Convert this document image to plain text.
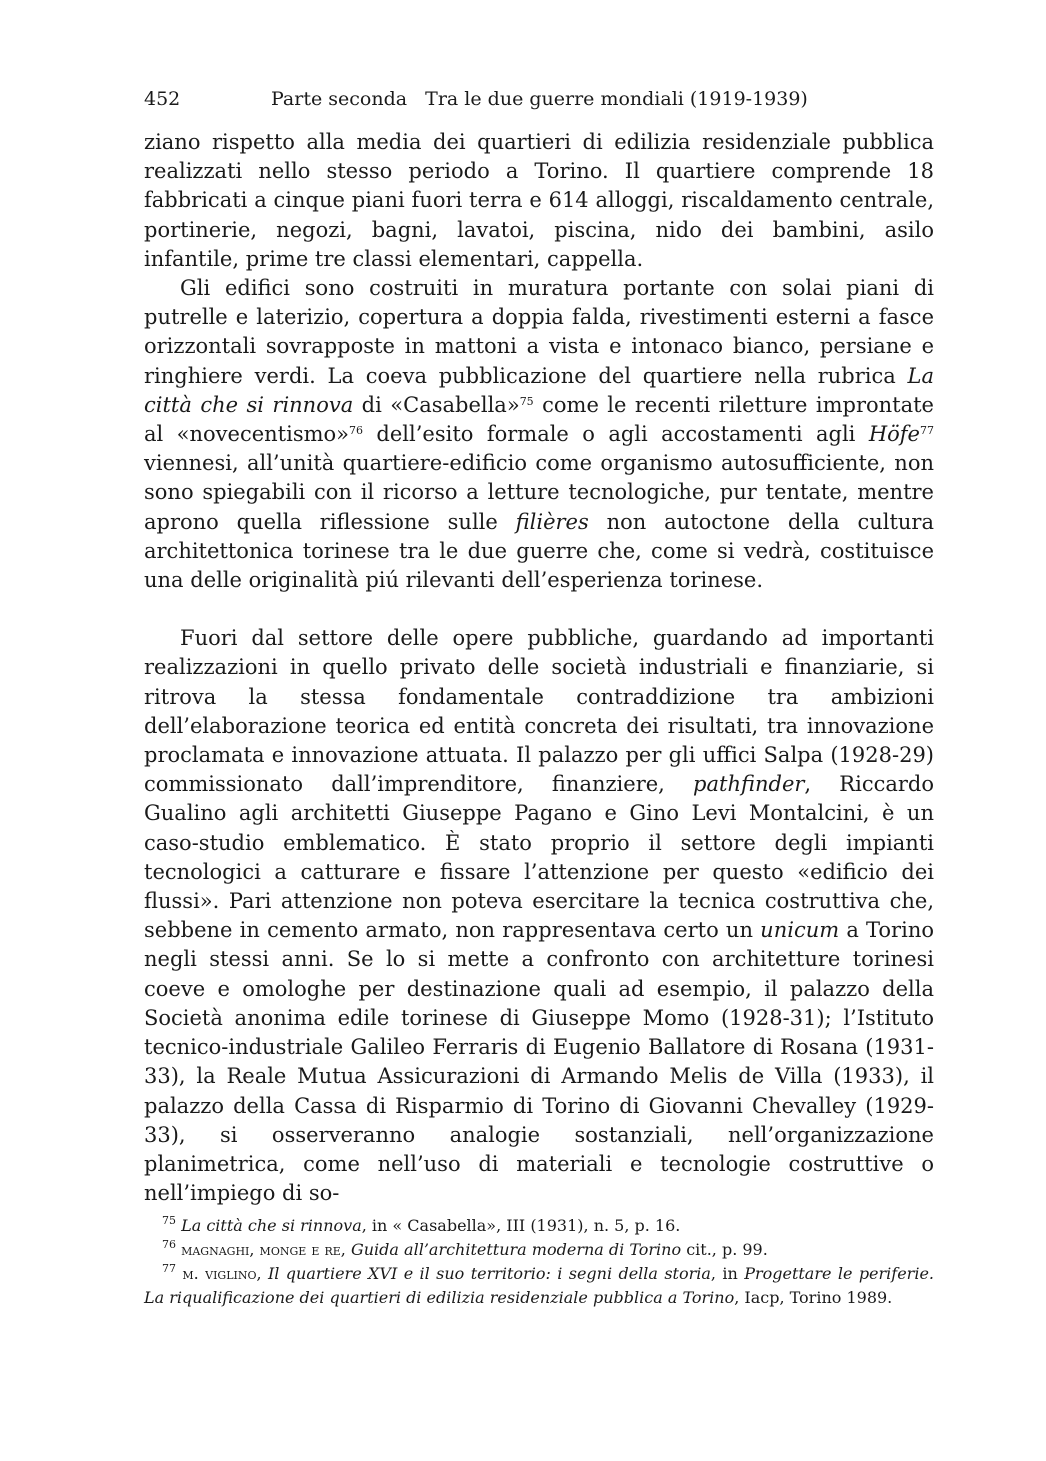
452	Parte seconda   Tra le due guerre mondiali (1919-1939)

ziano rispetto alla media dei quartieri di edilizia residenziale pubblica realizzati nello stesso periodo a Torino. Il quartiere comprende 18 fabbricati a cinque piani fuori terra e 614 alloggi, riscaldamento centrale, portinerie, negozi, bagni, lavatoi, piscina, nido dei bambini, asilo infantile, prime tre classi elementari, cappella.

Gli edifici sono costruiti in muratura portante con solai piani di putrelle e laterizio, copertura a doppia falda, rivestimenti esterni a fasce orizzontali sovrapposte in mattoni a vista e intonaco bianco, persiane e ringhiere verdi. La coeva pubblicazione del quartiere nella rubrica La città che si rinnova di «Casabella»$^{75}$ come le recenti riletture improntate al «novecentismo»$^{76}$ dell’esito formale o agli accostamenti agli Höfe$^{77}$ viennesi, all’unità quartiere-edificio come organismo autosufficiente, non sono spiegabili con il ricorso a letture tecnologiche, pur tentate, mentre aprono quella riflessione sulle filières non autoctone della cultura architettonica torinese tra le due guerre che, come si vedrà, costituisce una delle originalità piú rilevanti dell’esperienza torinese.

Fuori dal settore delle opere pubbliche, guardando ad importanti realizzazioni in quello privato delle società industriali e finanziarie, si ritrova la stessa fondamentale contraddizione tra ambizioni dell’elaborazione teorica ed entità concreta dei risultati, tra innovazione proclamata e innovazione attuata. Il palazzo per gli uffici Salpa (1928-29) commissionato dall’imprenditore, finanziere, pathfinder, Riccardo Gualino agli architetti Giuseppe Pagano e Gino Levi Montalcini, è un caso-studio emblematico. È stato proprio il settore degli impianti tecnologici a catturare e fissare l’attenzione per questo «edificio dei flussi». Pari attenzione non poteva esercitare la tecnica costruttiva che, sebbene in cemento armato, non rappresentava certo un unicum a Torino negli stessi anni. Se lo si mette a confronto con architetture torinesi coeve e omologhe per destinazione quali ad esempio, il palazzo della Società anonima edile torinese di Giuseppe Momo (1928-31); l’Istituto tecnico-industriale Galileo Ferraris di Eugenio Ballatore di Rosana (1931-33), la Reale Mutua Assicurazioni di Armando Melis de Villa (1933), il palazzo della Cassa di Risparmio di Torino di Giovanni Chevalley (1929-33), si osserveranno analogie sostanziali, nell’organizzazione planimetrica, come nell’uso di materiali e tecnologie costruttive o nell’impiego di so-

$^{75}$ La città che si rinnova, in « Casabella», III (1931), n. 5, p. 16.

$^{76}$ magnaghi, monge e re, Guida all’architettura moderna di Torino cit., p. 99.

$^{77}$ m. viglino, Il quartiere XVI e il suo territorio: i segni della storia, in Progettare le periferie. La riqualificazione dei quartieri di edilizia residenziale pubblica a Torino, Iacp, Torino 1989.
